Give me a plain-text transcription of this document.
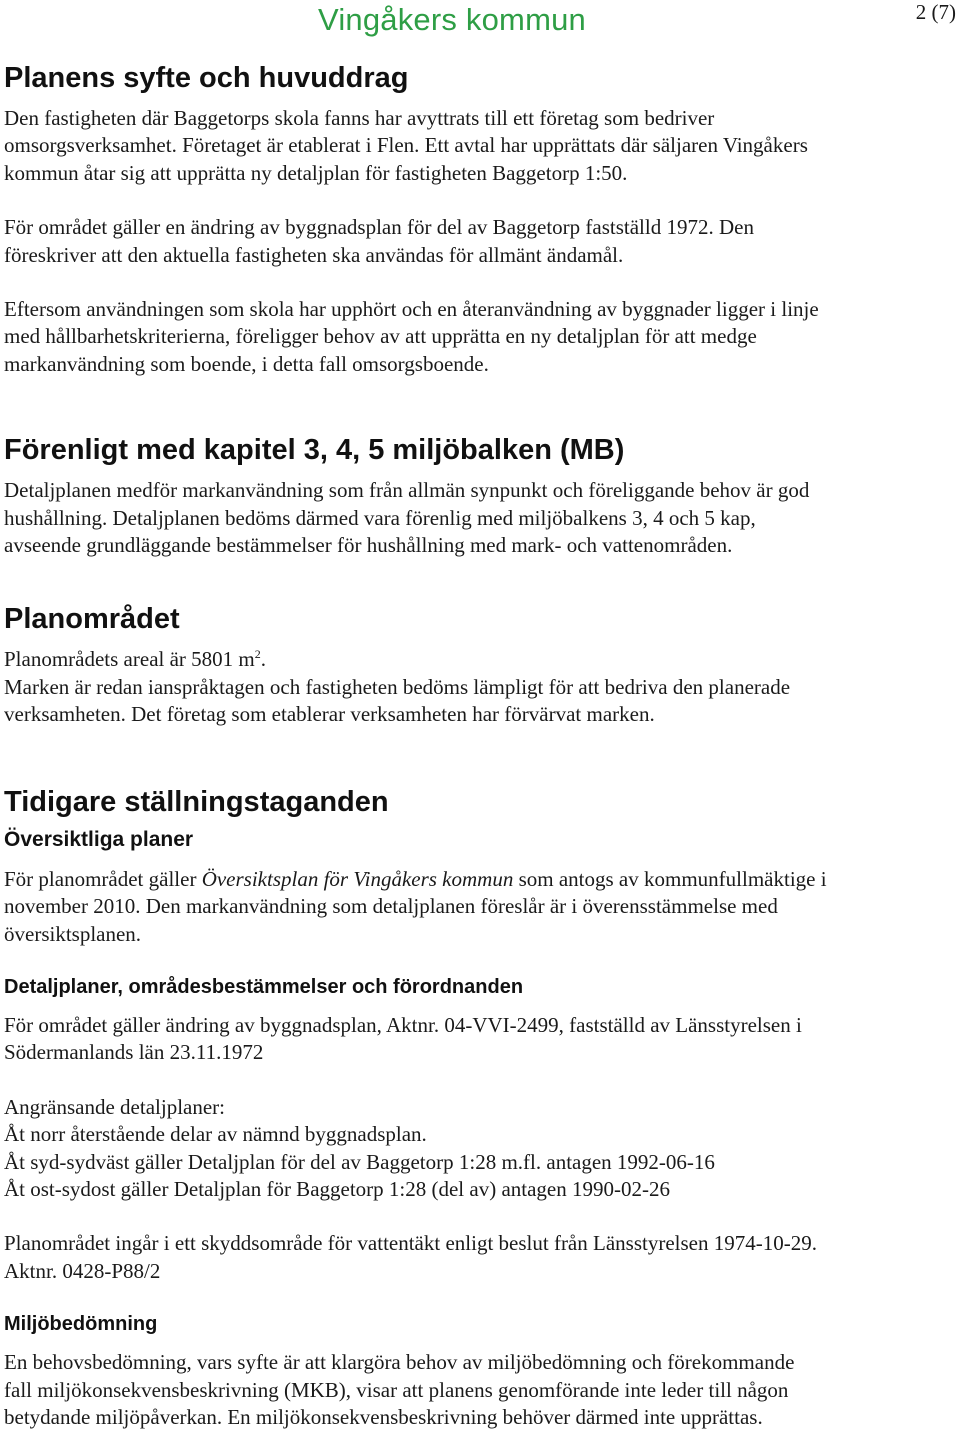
Vingåkers kommun	2 (7)
Planens syfte och huvuddrag

Den fastigheten där Baggetorps skola fanns har avyttrats till ett företag som bedriver
omsorgsverksamhet. Företaget är etablerat i Flen. Ett avtal har upprättats där säljaren Vingåkers
kommun åtar sig att upprätta ny detaljplan för fastigheten Baggetorp 1:50.

För området gäller en ändring av byggnadsplan för del av Baggetorp fastställd 1972. Den
föreskriver att den aktuella fastigheten ska användas för allmänt ändamål.

Eftersom användningen som skola har upphört och en återanvändning av byggnader ligger i linje
med hållbarhetskriterierna, föreligger behov av att upprätta en ny detaljplan för att medge
markanvändning som boende, i detta fall omsorgsboende.

Förenligt med kapitel 3, 4, 5 miljöbalken (MB)

Detaljplanen medför markanvändning som från allmän synpunkt och föreliggande behov är god
hushållning. Detaljplanen bedöms därmed vara förenlig med miljöbalkens 3, 4 och 5 kap,
avseende grundläggande bestämmelser för hushållning med mark- och vattenområden.

Planområdet

Planområdets areal är 5801 $m^2$.

Marken är redan ianspråktagen och fastigheten bedöms lämpligt för att bedriva den planerade
verksamheten. Det företag som etablerar verksamheten har förvärvat marken.

Tidigare ställningstaganden
Översiktliga planer

För planområdet gäller Översiktsplan för Vingåkers kommun som antogs av kommunfullmäktige i
november 2010. Den markanvändning som detaljplanen föreslår är i överensstämmelse med
översiktsplanen.

Detaljplaner, områdesbestämmelser och förordnanden

För området gäller ändring av byggnadsplan, Aktnr. 04-VVI-2499, fastställd av Länsstyrelsen i
Södermanlands län 23.11.1972

Angränsande detaljplaner:
Åt norr återstående delar av nämnd byggnadsplan.
Åt syd-sydväst gäller Detaljplan för del av Baggetorp 1:28 m.fl. antagen 1992-06-16
Åt ost-sydost gäller Detaljplan för Baggetorp 1:28 (del av) antagen 1990-02-26

Planområdet ingår i ett skyddsområde för vattentäkt enligt beslut från Länsstyrelsen 1974-10-29.
Aktnr. 0428-P88/2

Miljöbedömning

En behovsbedömning, vars syfte är att klargöra behov av miljöbedömning och förekommande
fall miljökonsekvensbeskrivning (MKB), visar att planens genomförande inte leder till någon
betydande miljöpåverkan. En miljökonsekvensbeskrivning behöver därmed inte upprättas.
